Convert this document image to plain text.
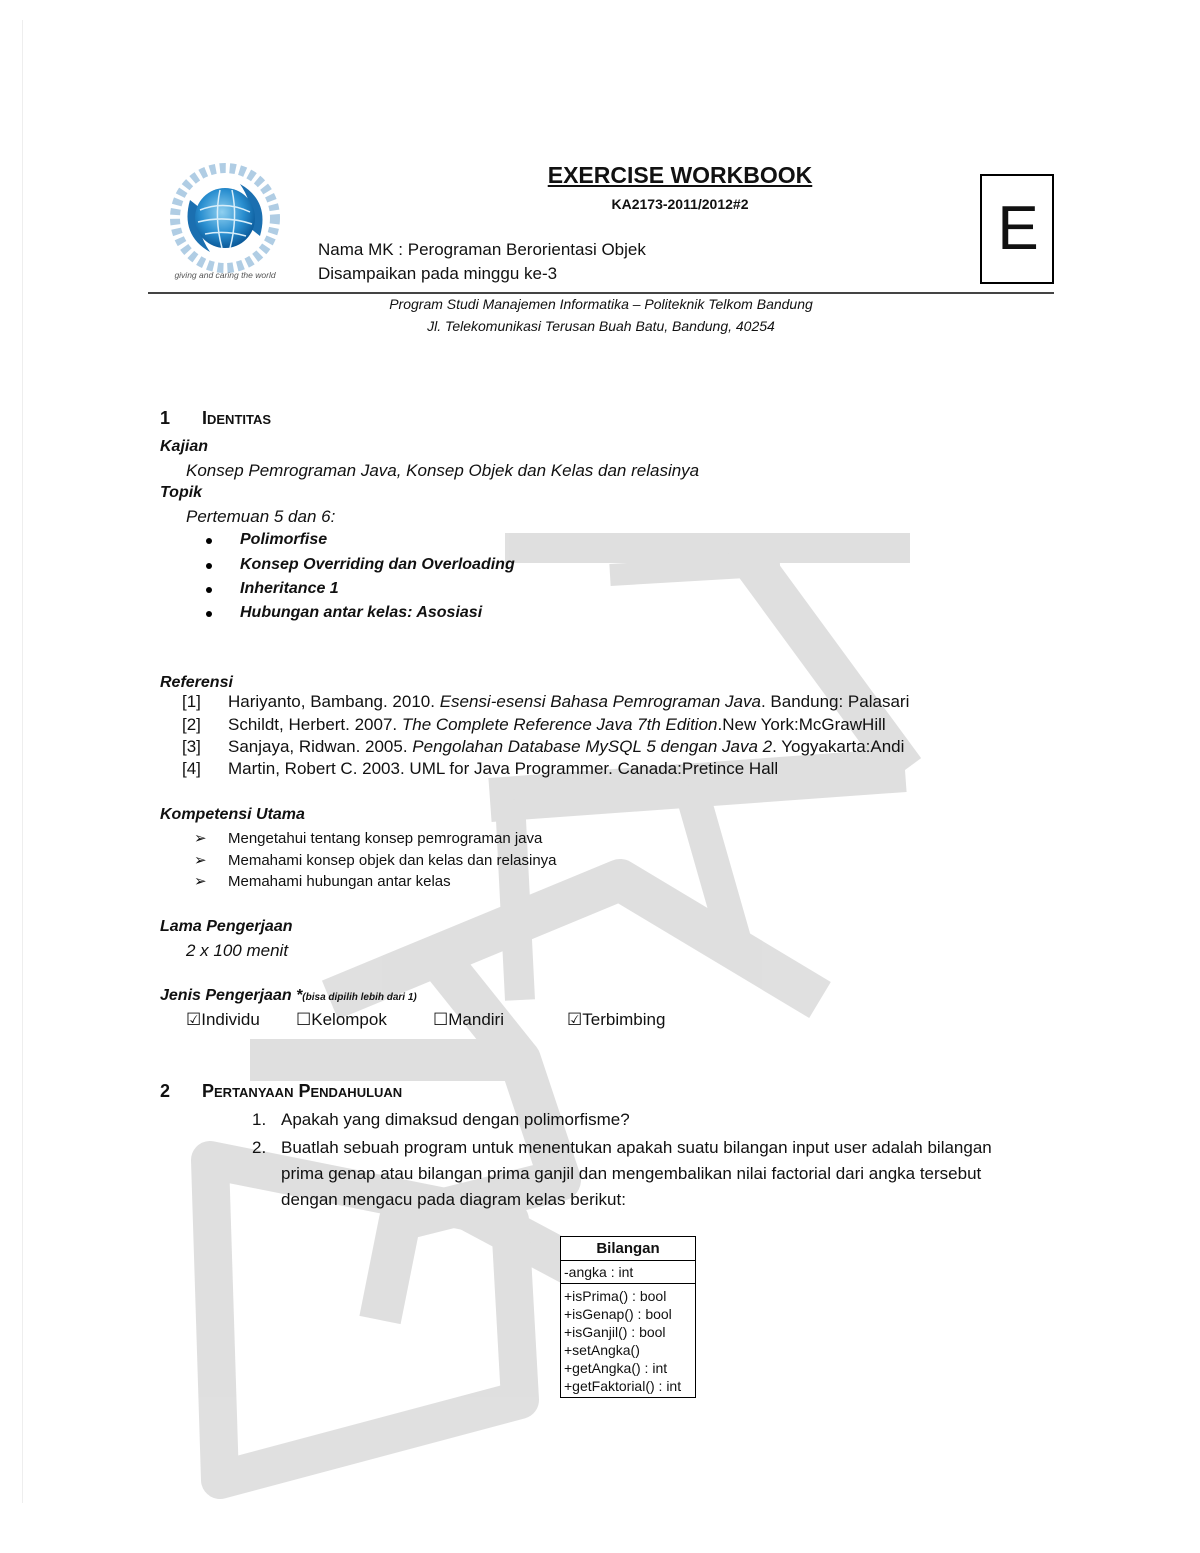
giving and caring the world
EXERCISE WORKBOOK
KA2173-2011/2012#2
Nama MK : Perograman Berorientasi Objek
Disampaikan pada minggu ke-3
E
Program Studi Manajemen Informatika – Politeknik Telkom Bandung
Jl. Telekomunikasi Terusan Buah Batu, Bandung, 40254
1 Identitas
Kajian
Konsep Pemrograman Java, Konsep Objek dan Kelas dan relasinya
Topik
Pertemuan 5 dan 6:
Polimorfise
Konsep Overriding dan Overloading
Inheritance 1
Hubungan antar kelas: Asosiasi
Referensi
[1] Hariyanto, Bambang. 2010. Esensi-esensi Bahasa Pemrograman Java. Bandung: Palasari
[2] Schildt, Herbert. 2007. The Complete Reference Java 7th Edition.New York:McGrawHill
[3] Sanjaya, Ridwan. 2005. Pengolahan Database MySQL 5 dengan Java 2. Yogyakarta:Andi
[4] Martin, Robert C. 2003. UML for Java Programmer. Canada:Pretince Hall
Kompetensi Utama
➢ Mengetahui tentang konsep pemrograman java
➢ Memahami konsep objek dan kelas dan relasinya
➢ Memahami hubungan antar kelas
Lama Pengerjaan
2 x 100 menit
Jenis Pengerjaan *(bisa dipilih lebih dari 1)
☑Individu ☐Kelompok	☐Mandiri	☑Terbimbing
2 Pertanyaan Pendahuluan
1. Apakah yang dimaksud dengan polimorfisme?
2. Buatlah sebuah program untuk menentukan apakah suatu bilangan input user adalah bilangan
prima genap atau bilangan prima ganjil dan mengembalikan nilai factorial dari angka tersebut
dengan mengacu pada diagram kelas berikut:
Bilangan
-angka : int
+isPrima() : bool
+isGenap() : bool
+isGanjil() : bool
+setAngka()
+getAngka() : int
+getFaktorial() : int
